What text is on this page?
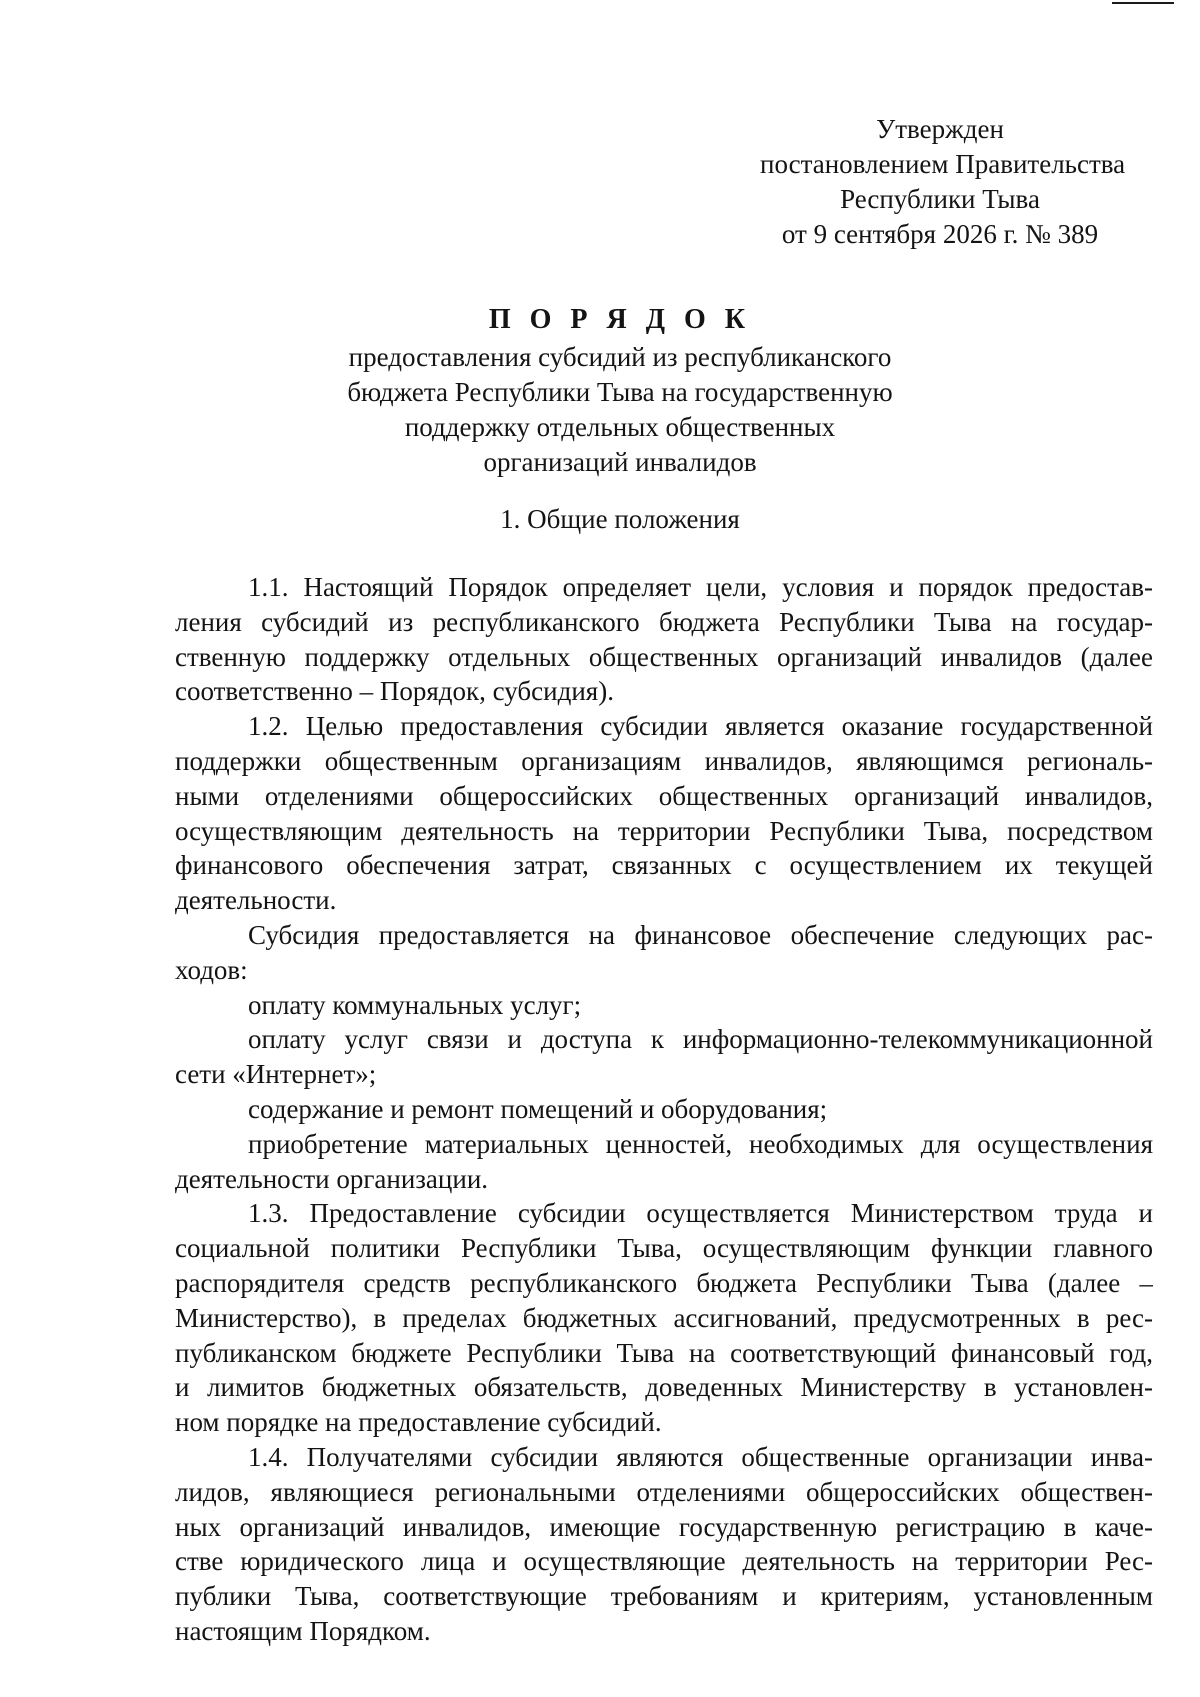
Утвержден
постановлением Правительства
Республики Тыва
от 9 сентября 2026 г. № 389
П О Р Я Д О К
предоставления субсидий из республиканского
бюджета Республики Тыва на государственную
поддержку отдельных общественных
организаций инвалидов
1. Общие положения
1.1. Настоящий Порядок определяет цели, условия и порядок предостав-
ления субсидий из республиканского бюджета Республики Тыва на государ-
ственную поддержку отдельных общественных организаций инвалидов (далее
соответственно – Порядок, субсидия).
1.2. Целью предоставления субсидии является оказание государственной
поддержки общественным организациям инвалидов, являющимся региональ-
ными отделениями общероссийских общественных организаций инвалидов,
осуществляющим деятельность на территории Республики Тыва, посредством
финансового обеспечения затрат, связанных с осуществлением их текущей
деятельности.
Субсидия предоставляется на финансовое обеспечение следующих рас-
ходов:
оплату коммунальных услуг;
оплату услуг связи и доступа к информационно-телекоммуникационной
сети «Интернет»;
содержание и ремонт помещений и оборудования;
приобретение материальных ценностей, необходимых для осуществления
деятельности организации.
1.3. Предоставление субсидии осуществляется Министерством труда и
социальной политики Республики Тыва, осуществляющим функции главного
распорядителя средств республиканского бюджета Республики Тыва (далее –
Министерство), в пределах бюджетных ассигнований, предусмотренных в рес-
публиканском бюджете Республики Тыва на соответствующий финансовый год,
и лимитов бюджетных обязательств, доведенных Министерству в установлен-
ном порядке на предоставление субсидий.
1.4. Получателями субсидии являются общественные организации инва-
лидов, являющиеся региональными отделениями общероссийских обществен-
ных организаций инвалидов, имеющие государственную регистрацию в каче-
стве юридического лица и осуществляющие деятельность на территории Рес-
публики Тыва, соответствующие требованиям и критериям, установленным
настоящим Порядком.
